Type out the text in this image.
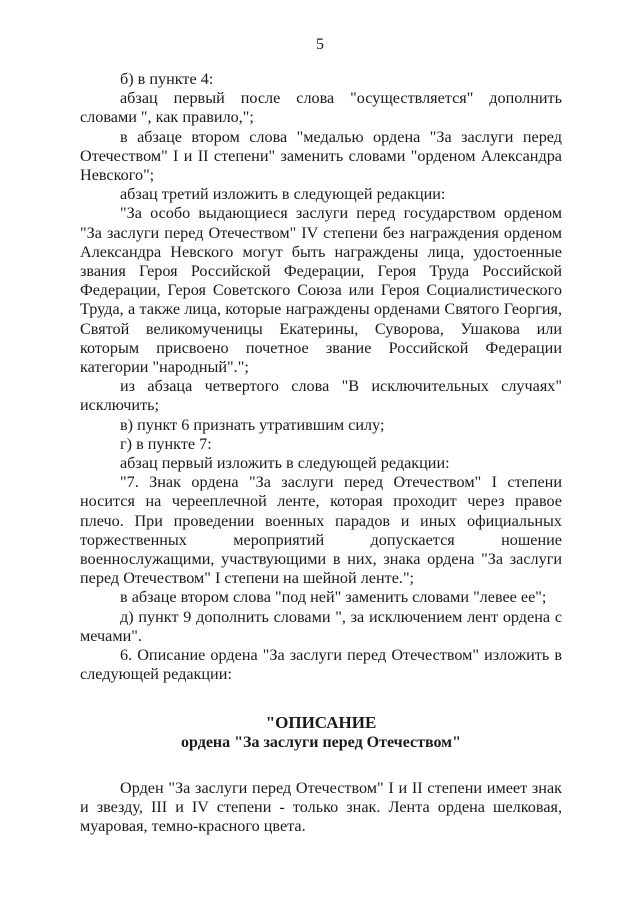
5

б) в пункте 4:

абзац первый после слова "осуществляется" дополнить словами ", как правило,";

в абзаце втором слова "медалью ордена "За заслуги перед Отечеством" I и II степени" заменить словами "орденом Александра Невского";

абзац третий изложить в следующей редакции:

"За особо выдающиеся заслуги перед государством орденом "За заслуги перед Отечеством" IV степени без награждения орденом Александра Невского могут быть награждены лица, удостоенные звания Героя Российской Федерации, Героя Труда Российской Федерации, Героя Советского Союза или Героя Социалистического Труда, а также лица, которые награждены орденами Святого Георгия, Святой великомученицы Екатерины, Суворова, Ушакова или которым присвоено почетное звание Российской Федерации категории "народный".";

из абзаца четвертого слова "В исключительных случаях" исключить;

в) пункт 6 признать утратившим силу;

г) в пункте 7:

абзац первый изложить в следующей редакции:

"7. Знак ордена "За заслуги перед Отечеством" I степени носится на черееплечной ленте, которая проходит через правое плечо. При проведении военных парадов и иных официальных торжественных мероприятий допускается ношение военнослужащими, участвующими в них, знака ордена "За заслуги перед Отечеством" I степени на шейной ленте.";

в абзаце втором слова "под ней" заменить словами "левее ее";

д) пункт 9 дополнить словами ", за исключением лент ордена с мечами".

6. Описание ордена "За заслуги перед Отечеством" изложить в следующей редакции:

"ОПИСАНИЕ
ордена "За заслуги перед Отечеством"

Орден "За заслуги перед Отечеством" I и II степени имеет знак и звезду, III и IV степени - только знак. Лента ордена шелковая, муаровая, темно-красного цвета.
